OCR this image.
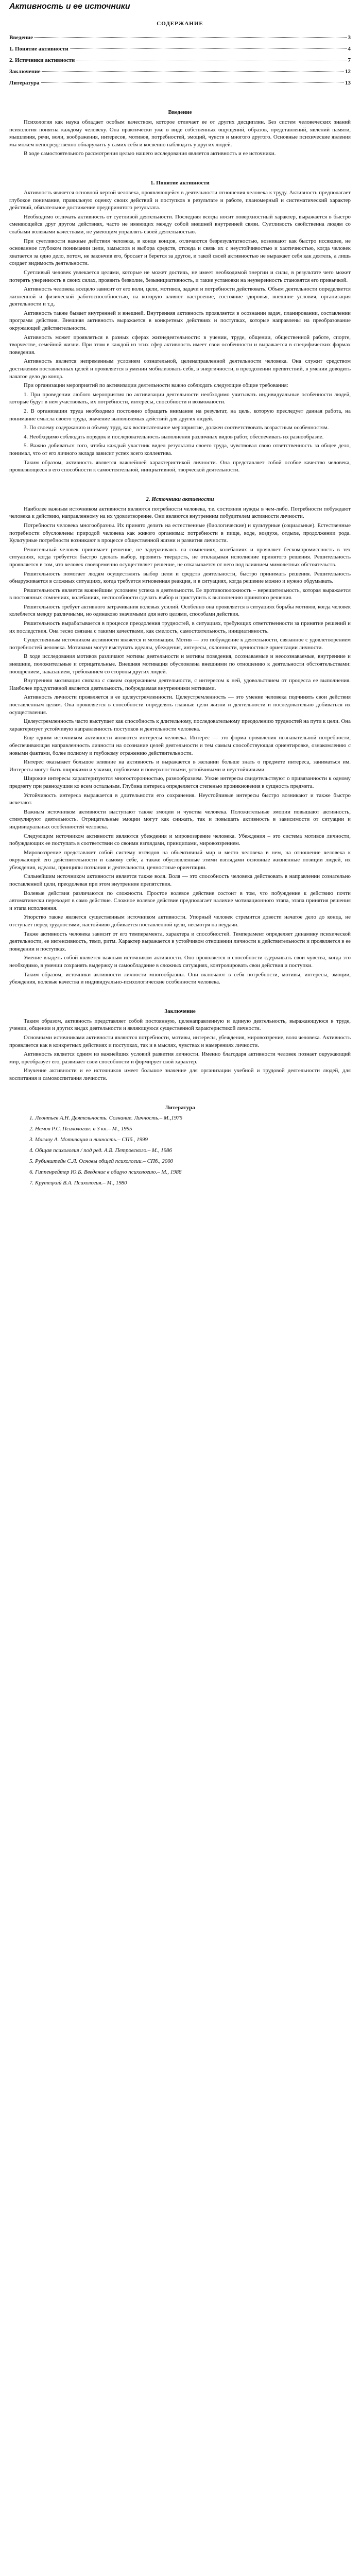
Активность и ее источники
СОДЕРЖАНИЕ
Введение	3
1. Понятие активности	4
2. Источники активности	7
Заключение	12
Литература	13
Введение

Психология как наука обладает особым качеством, которое отличает ее от других дисциплин. Без систем человеческих знаний психология понятна каждому человеку. Она практически уже в виде собственных ощущений, образов, представлений, явлений памяти, мышления, речи, воли, воображения, интересов, мотивов, потребностей, эмоций, чувств и многого другого. Основные психические явления мы можем непосредственно обнаружить у самих себя и косвенно наблюдать у других людей.

В ходе самостоятельного рассмотрения целью нашего исследования является активность и ее источники.

1. Понятие активности

Активность является основной чертой человека, проявляющейся в деятельности отношения человека к труду. Активность предполагает глубокое понимание, правильную оценку своих действий и поступков в результате и работе, планомерный и систематический характер действий, обязательное достижение предпринятого результата.

Необходимо отличать активность от суетливой деятельности. Последняя всегда носит поверхностный характер, выражается в быстро сменяющейся друг другом действиях, часто не имеющих между собой внешней внутренней связи. Суетливость свойственна людям со слабыми волевыми качествами, не умеющим управлять своей деятельностью.

При суетливости важные действия человека, в конце концов, отличаются безрезультатностью, возникают как быстро иссякшее, не основанное глубоком понимании цели, замыслов и выбора средств, отсюда и связь их с неустойчивостью и хаотичностью, когда человек хватается за одно дело, потом, не закончив его, бросает и берется за другое, и такой своей активностью не выражает себя как деятель, а лишь создает видимость деятельности.

Суетливый человек увлекается целями, которые не может достичь, не имеет необходимой энергии и силы, в результате чего может потерять уверенность в своих силах, проявить безволие, безынициативность, и такие установки на неуверенность становятся его привычкой.

Активность человека всецело зависит от его воли, цели, мотивов, задачи и потребности действовать. Объем деятельности определяется жизненной и физической работоспособностью, на которую влияют настроение, состояние здоровья, внешние условия, организация деятельности и т.д.

Активность также бывает внутренней и внешней. Внутренняя активность проявляется в осознании задач, планировании, составлении программ действия. Внешняя активность выражается в конкретных действиях и поступках, которые направлены на преобразование окружающей действительности.

Активность может проявляться в разных сферах жизнедеятельности: в учении, труде, общении, общественной работе, спорте, творчестве, семейной жизни. При этом в каждой из этих сфер активность имеет свои особенности и выражается в специфических формах поведения.

Активность является непременным условием сознательной, целенаправленной деятельности человека. Она служит средством достижения поставленных целей и проявляется в умении мобилизовать себя, в энергичности, в преодолении препятствий, в умении доводить начатое дело до конца.

При организации мероприятий по активизации деятельности важно соблюдать следующие общие требования:

1. При проведении любого мероприятия по активизации деятельности необходимо учитывать индивидуальные особенности людей, которые будут в нем участвовать, их потребности, интересы, способности и возможности.

2. В организации труда необходимо постоянно обращать внимание на результат, на цель, которую преследует данная работа, на понимание смысла своего труда, значение выполняемых действий для других людей.

3. По своему содержанию и объему труд, как воспитательное мероприятие, должен соответствовать возрастным особенностям.

4. Необходимо соблюдать порядок и последовательность выполнения различных видов работ, обеспечивать их разнообразие.

5. Важно добиваться того, чтобы каждый участник видел результаты своего труда, чувствовал свою ответственность за общее дело, понимал, что от его личного вклада зависит успех всего коллектива.

Таким образом, активность является важнейшей характеристикой личности. Она представляет собой особое качество человека, проявляющееся в его способности к самостоятельной, инициативной, творческой деятельности.

2. Источники активности

Наиболее важным источником активности являются потребности человека, т.е. состояния нужды в чем-либо. Потребности побуждают человека к действию, направленному на их удовлетворение. Они являются внутренним побудителем активности личности.

Потребности человека многообразны. Их принято делить на естественные (биологические) и культурные (социальные). Естественные потребности обусловлены природой человека как живого организма: потребности в пище, воде, воздухе, отдыхе, продолжении рода. Культурные потребности возникают в процессе общественной жизни и развития личности.

Решительный человек принимает решение, не задерживаясь на сомнениях, колебаниях и проявляет бескомпромиссность в тех ситуациях, когда требуется быстро сделать выбор, проявить твердость, не откладывая исполнение принятого решения. Решительность проявляется в том, что человек своевременно осуществляет решение, не отказывается от него под влиянием мимолетных обстоятельств.

Решительность помогает людям осуществлять выбор цели и средств деятельности, быстро принимать решения. Решительность обнаруживается в сложных ситуациях, когда требуется мгновенная реакция, и в ситуациях, когда решение можно и нужно обдумывать.

Решительность является важнейшим условием успеха в деятельности. Ее противоположность – нерешительность, которая выражается в постоянных сомнениях, колебаниях, неспособности сделать выбор и приступить к выполнению принятого решения.

Решительность требует активного затрачивания волевых усилий. Особенно она проявляется в ситуациях борьбы мотивов, когда человек колеблется между различными, но одинаково значимыми для него целями, способами действия.

Решительность вырабатывается в процессе преодоления трудностей, в ситуациях, требующих ответственности за принятие решений и их последствия. Она тесно связана с такими качествами, как смелость, самостоятельность, инициативность.

Существенным источником активности является и мотивация. Мотив — это побуждение к деятельности, связанное с удовлетворением потребностей человека. Мотивами могут выступать идеалы, убеждения, интересы, склонности, ценностные ориентации личности.

В ходе исследования мотивов различают мотивы деятельности и мотивы поведения, осознаваемые и неосознаваемые, внутренние и внешние, положительные и отрицательные. Внешняя мотивация обусловлена внешними по отношению к деятельности обстоятельствами: поощрением, наказанием, требованием со стороны других людей.

Внутренняя мотивация связана с самим содержанием деятельности, с интересом к ней, удовольствием от процесса ее выполнения. Наиболее продуктивной является деятельность, побуждаемая внутренними мотивами.

Активность личности проявляется в ее целеустремленности. Целеустремленность — это умение человека подчинять свои действия поставленным целям. Она проявляется в способности определять главные цели жизни и деятельности и последовательно добиваться их осуществления.

Целеустремленность часто выступает как способность к длительному, последовательному преодолению трудностей на пути к цели. Она характеризует устойчивую направленность поступков и деятельности человека.

Еще одним источником активности являются интересы человека. Интерес — это форма проявления познавательной потребности, обеспечивающая направленность личности на осознание целей деятельности и тем самым способствующая ориентировке, ознакомлению с новыми фактами, более полному и глубокому отражению действительности.

Интерес оказывает большое влияние на активность и выражается в желании больше знать о предмете интереса, заниматься им. Интересы могут быть широкими и узкими, глубокими и поверхностными, устойчивыми и неустойчивыми.

Широкие интересы характеризуются многосторонностью, разнообразием. Узкие интересы свидетельствуют о привязанности к одному предмету при равнодушии ко всем остальным. Глубина интереса определяется степенью проникновения в сущность предмета.

Устойчивость интереса выражается в длительности его сохранения. Неустойчивые интересы быстро возникают и также быстро исчезают.

Важным источником активности выступают также эмоции и чувства человека. Положительные эмоции повышают активность, стимулируют деятельность. Отрицательные эмоции могут как снижать, так и повышать активность в зависимости от ситуации и индивидуальных особенностей человека.

Следующим источником активности являются убеждения и мировоззрение человека. Убеждения – это система мотивов личности, побуждающих ее поступать в соответствии со своими взглядами, принципами, мировоззрением.

Мировоззрение представляет собой систему взглядов на объективный мир и место человека в нем, на отношение человека к окружающей его действительности и самому себе, а также обусловленные этими взглядами основные жизненные позиции людей, их убеждения, идеалы, принципы познания и деятельности, ценностные ориентации.

Сильнейшим источником активности является также воля. Воля — это способность человека действовать в направлении сознательно поставленной цели, преодолевая при этом внутренние препятствия.

Волевые действия различаются по сложности. Простое волевое действие состоит в том, что побуждение к действию почти автоматически переходит в само действие. Сложное волевое действие предполагает наличие мотивационного этапа, этапа принятия решения и этапа исполнения.

Упорство также является существенным источником активности. Упорный человек стремится довести начатое дело до конца, не отступает перед трудностями, настойчиво добивается поставленной цели, несмотря на неудачи.

Также активность человека зависит от его темперамента, характера и способностей. Темперамент определяет динамику психической деятельности, ее интенсивность, темп, ритм. Характер выражается в устойчивом отношении личности к действительности и проявляется в ее поведении и поступках.

Умение владеть собой является важным источником активности. Оно проявляется в способности сдерживать свои чувства, когда это необходимо, в умении сохранять выдержку и самообладание в сложных ситуациях, контролировать свои действия и поступки.

Таким образом, источники активности личности многообразны. Они включают в себя потребности, мотивы, интересы, эмоции, убеждения, волевые качества и индивидуально-психологические особенности человека.

Заключение

Таким образом, активность представляет собой постоянную, целенаправленную и единую деятельность, выражающуюся в труде, учении, общении и других видах деятельности и являющуюся существенной характеристикой личности.

Основными источниками активности являются потребности, мотивы, интересы, убеждения, мировоззрение, воля человека. Активность проявляется как в конкретных действиях и поступках, так и в мыслях, чувствах и намерениях личности.

Активность является одним из важнейших условий развития личности. Именно благодаря активности человек познает окружающий мир, преобразует его, развивает свои способности и формирует свой характер.

Изучение активности и ее источников имеет большое значение для организации учебной и трудовой деятельности людей, для воспитания и самовоспитания личности.

Литература
1. Леонтьев А.Н. Деятельность. Сознание. Личность.– М.,1975
2. Немов Р.С. Психология: в 3 кн.– М., 1995
3. Маслоу А. Мотивация и личность.– СПб., 1999
4. Общая психология / под ред. А.В. Петровского.– М., 1986
5. Рубинштейн С.Л. Основы общей психологии.– СПб., 2000
6. Гиппенрейтер Ю.Б. Введение в общую психологию.– М., 1988
7. Крутецкий В.А. Психология.– М., 1980
